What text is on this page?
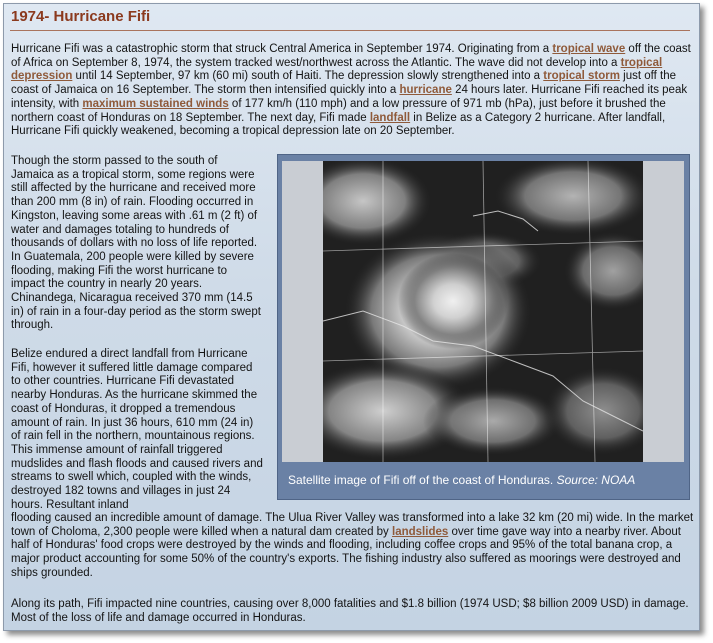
1974- Hurricane Fifi

Hurricane Fifi was a catastrophic storm that struck Central America in September 1974. Originating from a tropical wave off the coast of Africa on September 8, 1974, the system tracked west/northwest across the Atlantic. The wave did not develop into a tropical depression until 14 September, 97 km (60 mi) south of Haiti. The depression slowly strengthened into a tropical storm just off the coast of Jamaica on 16 September. The storm then intensified quickly into a hurricane 24 hours later. Hurricane Fifi reached its peak intensity, with maximum sustained winds of 177 km/h (110 mph) and a low pressure of 971 mb (hPa), just before it brushed the northern coast of Honduras on 18 September. The next day, Fifi made landfall in Belize as a Category 2 hurricane. After landfall, Hurricane Fifi quickly weakened, becoming a tropical depression late on 20 September.

Though the storm passed to the south of Jamaica as a tropical storm, some regions were still affected by the hurricane and received more than 200 mm (8 in) of rain. Flooding occurred in Kingston, leaving some areas with .61 m (2 ft) of water and damages totaling to hundreds of thousands of dollars with no loss of life reported. In Guatemala, 200 people were killed by severe flooding, making Fifi the worst hurricane to impact the country in nearly 20 years. Chinandega, Nicaragua received 370 mm (14.5 in) of rain in a four-day period as the storm swept through.

Belize endured a direct landfall from Hurricane Fifi, however it suffered little damage compared to other countries. Hurricane Fifi devastated nearby Honduras. As the hurricane skimmed the coast of Honduras, it dropped a tremendous amount of rain. In just 36 hours, 610 mm (24 in) of rain fell in the northern, mountainous regions. This immense amount of rainfall triggered mudslides and flash floods and caused rivers and streams to swell which, coupled with the winds, destroyed 182 towns and villages in just 24 hours. Resultant inland

flooding caused an incredible amount of damage. The Ulua River Valley was transformed into a lake 32 km (20 mi) wide. In the market town of Choloma, 2,300 people were killed when a natural dam created by landslides over time gave way into a nearby river. About half of Honduras' food crops were destroyed by the winds and flooding, including coffee crops and 95% of the total banana crop, a major product accounting for some 50% of the country's exports. The fishing industry also suffered as moorings were destroyed and ships grounded.

Along its path, Fifi impacted nine countries, causing over 8,000 fatalities and $1.8 billion (1974 USD; $8 billion 2009 USD) in damage. Most of the loss of life and damage occurred in Honduras.

Satellite image of Fifi off of the coast of Honduras. Source: NOAA
